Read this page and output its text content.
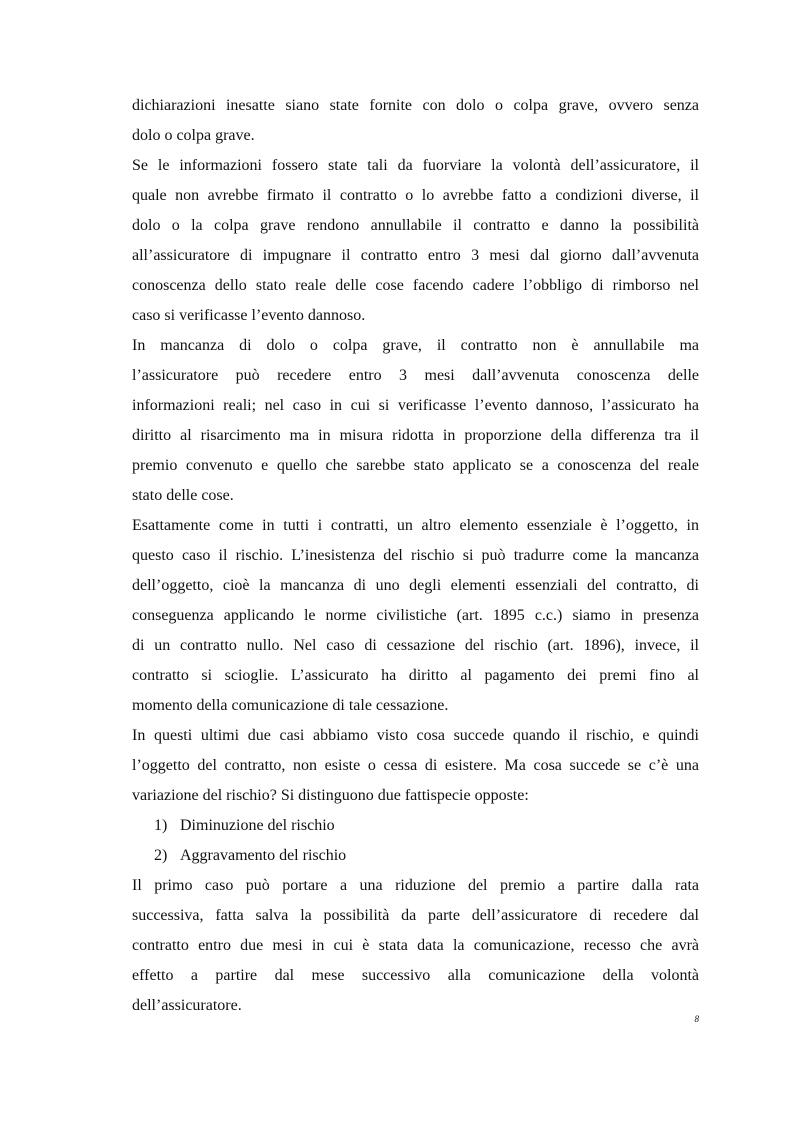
dichiarazioni inesatte siano state fornite con dolo o colpa grave, ovvero senza
dolo o colpa grave.
Se le informazioni fossero state tali da fuorviare la volontà dell’assicuratore, il
quale non avrebbe firmato il contratto o lo avrebbe fatto a condizioni diverse, il
dolo o la colpa grave rendono annullabile il contratto e danno la possibilità
all’assicuratore di impugnare il contratto entro 3 mesi dal giorno dall’avvenuta
conoscenza dello stato reale delle cose facendo cadere l’obbligo di rimborso nel
caso si verificasse l’evento dannoso.
In mancanza di dolo o colpa grave, il contratto non è annullabile ma
l’assicuratore può recedere entro 3 mesi dall’avvenuta conoscenza delle
informazioni reali; nel caso in cui si verificasse l’evento dannoso, l’assicurato ha
diritto al risarcimento ma in misura ridotta in proporzione della differenza tra il
premio convenuto e quello che sarebbe stato applicato se a conoscenza del reale
stato delle cose.
Esattamente come in tutti i contratti, un altro elemento essenziale è l’oggetto, in
questo caso il rischio. L’inesistenza del rischio si può tradurre come la mancanza
dell’oggetto, cioè la mancanza di uno degli elementi essenziali del contratto, di
conseguenza applicando le norme civilistiche (art. 1895 c.c.) siamo in presenza
di un contratto nullo. Nel caso di cessazione del rischio (art. 1896), invece, il
contratto si scioglie. L’assicurato ha diritto al pagamento dei premi fino al
momento della comunicazione di tale cessazione.
In questi ultimi due casi abbiamo visto cosa succede quando il rischio, e quindi
l’oggetto del contratto, non esiste o cessa di esistere. Ma cosa succede se c’è una
variazione del rischio? Si distinguono due fattispecie opposte:
1) Diminuzione del rischio
2) Aggravamento del rischio
Il primo caso può portare a una riduzione del premio a partire dalla rata
successiva, fatta salva la possibilità da parte dell’assicuratore di recedere dal
contratto entro due mesi in cui è stata data la comunicazione, recesso che avrà
effetto a partire dal mese successivo alla comunicazione della volontà
dell’assicuratore.
8
